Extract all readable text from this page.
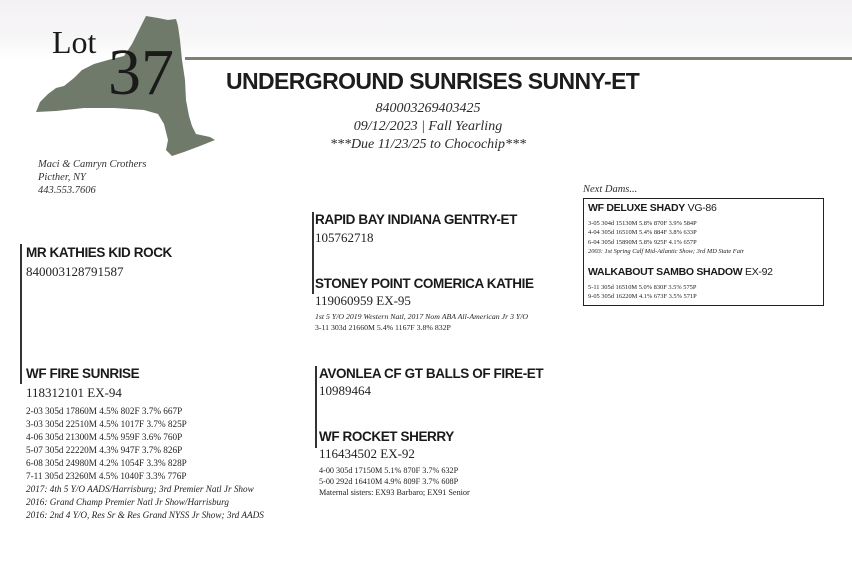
Lot 37 UNDERGROUND SUNRISES SUNNY-ET
840003269403425
09/12/2023 | Fall Yearling
***Due 11/23/25 to Chocochip***
Maci & Camryn Crothers
Picther, NY
443.553.7606
MR KATHIES KID ROCK
840003128791587
RAPID BAY INDIANA GENTRY-ET
105762718
STONEY POINT COMERICA KATHIE
119060959 EX-95
1st 5 Y/O 2019 Western Natl, 2017 Nom ABA All-American Jr 3 Y/O
3-11 303d 21660M 5.4% 1167F 3.8% 832P
WF FIRE SUNRISE
118312101 EX-94
2-03 305d 17860M 4.5% 802F 3.7% 667P
3-03 305d 22510M 4.5% 1017F 3.7% 825P
4-06 305d 21300M 4.5% 959F 3.6% 760P
5-07 305d 22220M 4.3% 947F 3.7% 826P
6-08 305d 24980M 4.2% 1054F 3.3% 828P
7-11 305d 23260M 4.5% 1040F 3.3% 776P
2017: 4th 5 Y/O AADS/Harrisburg; 3rd Premier Natl Jr Show
2016: Grand Champ Premier Natl Jr Show/Harrisburg
2016: 2nd 4 Y/O, Res Sr & Res Grand NYSS Jr Show; 3rd AADS
AVONLEA CF GT BALLS OF FIRE-ET
10989464
WF ROCKET SHERRY
116434502 EX-92
4-00 305d 17150M 5.1% 870F 3.7% 632P
5-00 292d 16410M 4.9% 809F 3.7% 608P
Maternal sisters: EX93 Barbaro; EX91 Senior
Next Dams...
WF DELUXE SHADY VG-86
3-05 304d 15130M 5.8% 870F 3.9% 584P
4-04 305d 16510M 5.4% 884F 3.8% 633P
6-04 305d 15890M 5.8% 925F 4.1% 657P
2003: 1st Spring Calf Mid-Atlantic Show; 3rd MD State Fair
WALKABOUT SAMBO SHADOW EX-92
5-11 305d 16510M 5.0% 830F 3.5% 575P
9-05 305d 16220M 4.1% 673F 3.5% 571P
